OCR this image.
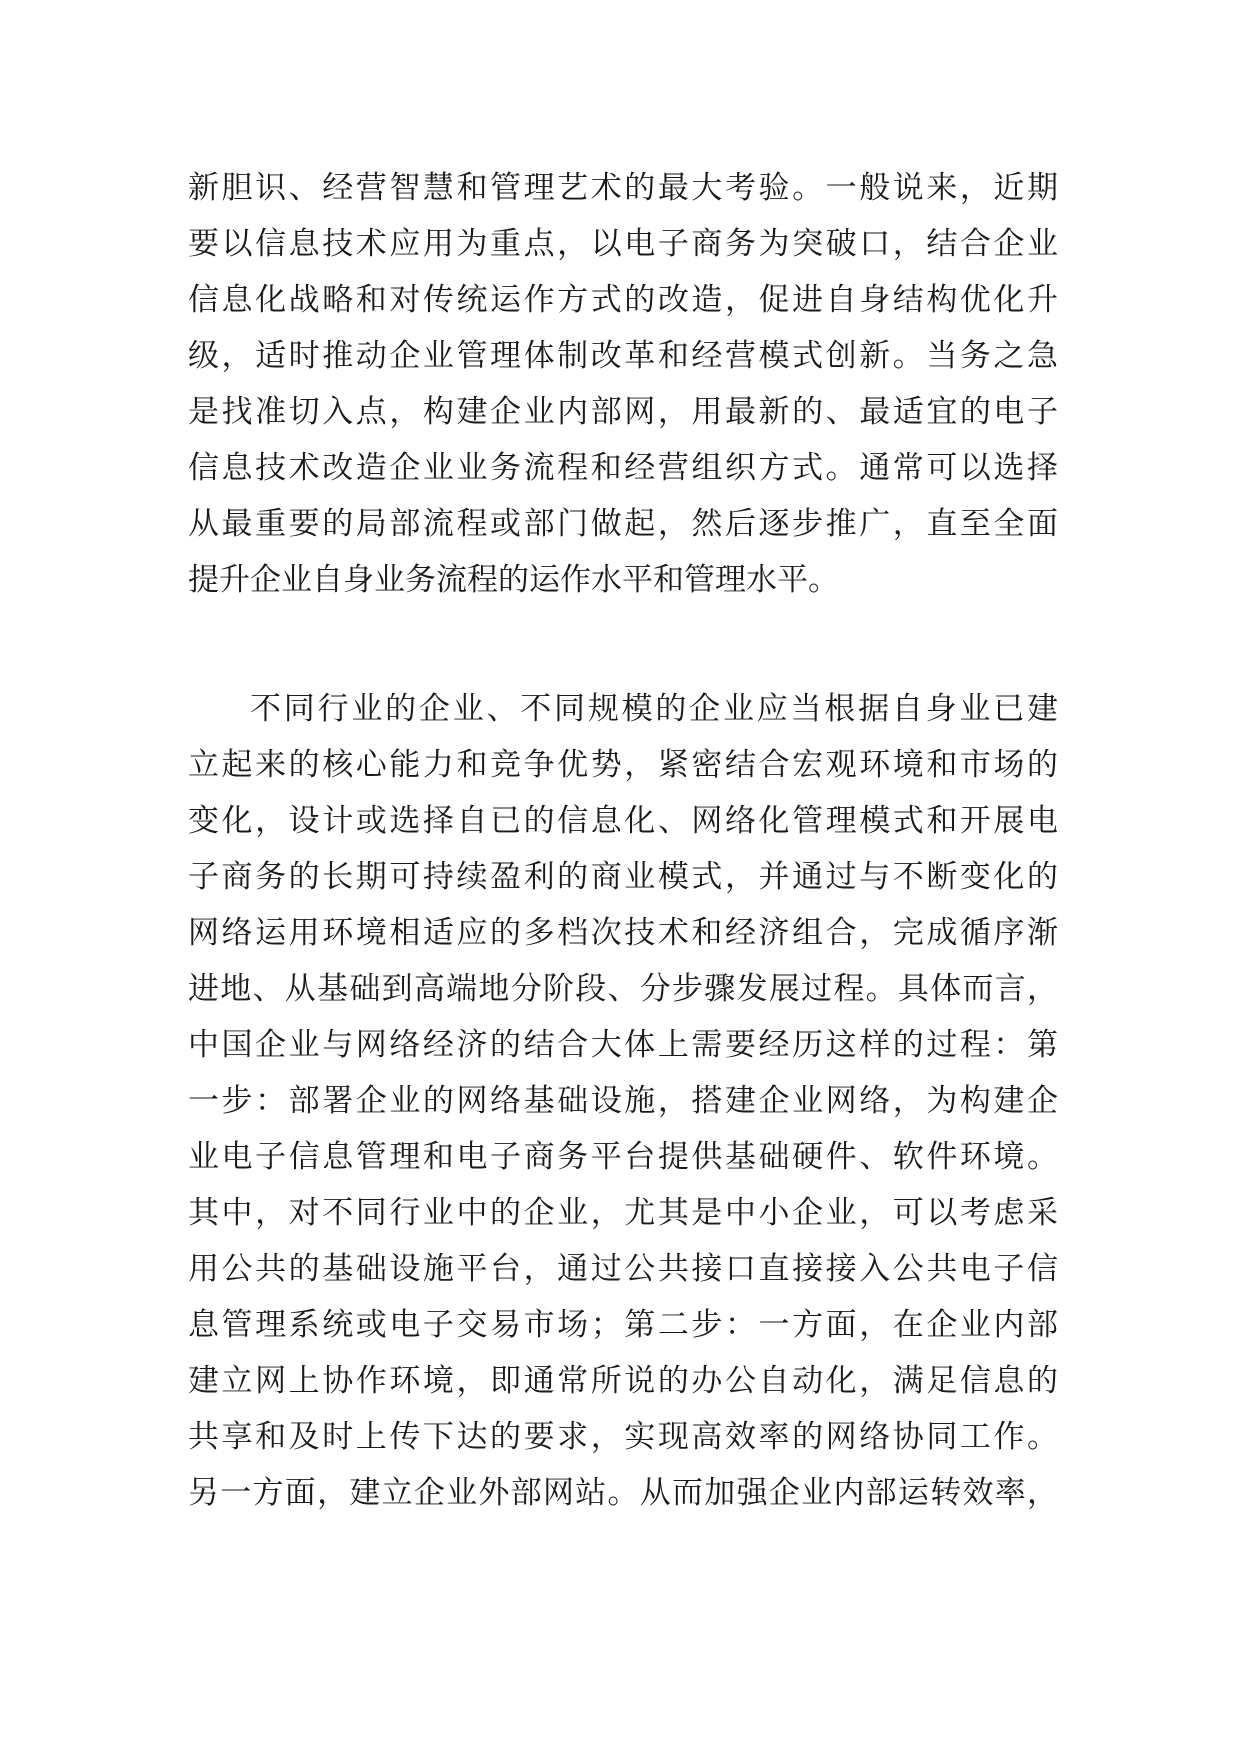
新胆识、经营智慧和管理艺术的最大考验。一般说来，近期
要以信息技术应用为重点，以电子商务为突破口，结合企业
信息化战略和对传统运作方式的改造，促进自身结构优化升
级，适时推动企业管理体制改革和经营模式创新。当务之急
是找准切入点，构建企业内部网，用最新的、最适宜的电子
信息技术改造企业业务流程和经营组织方式。通常可以选择
从最重要的局部流程或部门做起，然后逐步推广，直至全面
提升企业自身业务流程的运作水平和管理水平。
不同行业的企业、不同规模的企业应当根据自身业已建
立起来的核心能力和竞争优势，紧密结合宏观环境和市场的
变化，设计或选择自已的信息化、网络化管理模式和开展电
子商务的长期可持续盈利的商业模式，并通过与不断变化的
网络运用环境相适应的多档次技术和经济组合，完成循序渐
进地、从基础到高端地分阶段、分步骤发展过程。具体而言，
中国企业与网络经济的结合大体上需要经历这样的过程：第
一步：部署企业的网络基础设施，搭建企业网络，为构建企
业电子信息管理和电子商务平台提供基础硬件、软件环境。
其中，对不同行业中的企业，尤其是中小企业，可以考虑采
用公共的基础设施平台，通过公共接口直接接入公共电子信
息管理系统或电子交易市场；第二步：一方面，在企业内部
建立网上协作环境，即通常所说的办公自动化，满足信息的
共享和及时上传下达的要求，实现高效率的网络协同工作。
另一方面，建立企业外部网站。从而加强企业内部运转效率，
